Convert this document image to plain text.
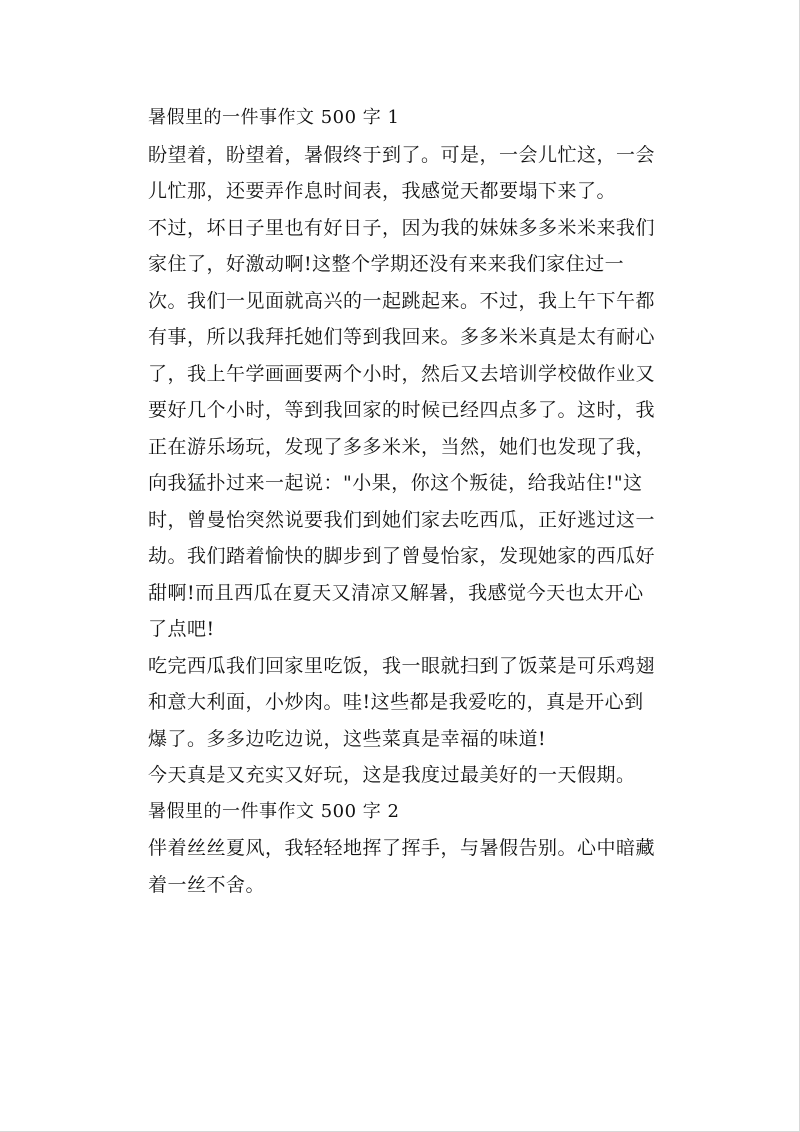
暑假里的一件事作文 500 字 1
盼望着，盼望着，暑假终于到了。可是，一会儿忙这，一会
儿忙那，还要弄作息时间表，我感觉天都要塌下来了。
不过，坏日子里也有好日子，因为我的妹妹多多米米来我们
家住了，好激动啊!这整个学期还没有来来我们家住过一
次。我们一见面就高兴的一起跳起来。不过，我上午下午都
有事，所以我拜托她们等到我回来。多多米米真是太有耐心
了，我上午学画画要两个小时，然后又去培训学校做作业又
要好几个小时，等到我回家的时候已经四点多了。这时，我
正在游乐场玩，发现了多多米米，当然，她们也发现了我，
向我猛扑过来一起说："小果，你这个叛徒，给我站住!"这
时，曾曼怡突然说要我们到她们家去吃西瓜，正好逃过这一
劫。我们踏着愉快的脚步到了曾曼怡家，发现她家的西瓜好
甜啊!而且西瓜在夏天又清凉又解暑，我感觉今天也太开心
了点吧!
吃完西瓜我们回家里吃饭，我一眼就扫到了饭菜是可乐鸡翅
和意大利面，小炒肉。哇!这些都是我爱吃的，真是开心到
爆了。多多边吃边说，这些菜真是幸福的味道!
今天真是又充实又好玩，这是我度过最美好的一天假期。
暑假里的一件事作文 500 字 2
伴着丝丝夏风，我轻轻地挥了挥手，与暑假告别。心中暗藏
着一丝不舍。
